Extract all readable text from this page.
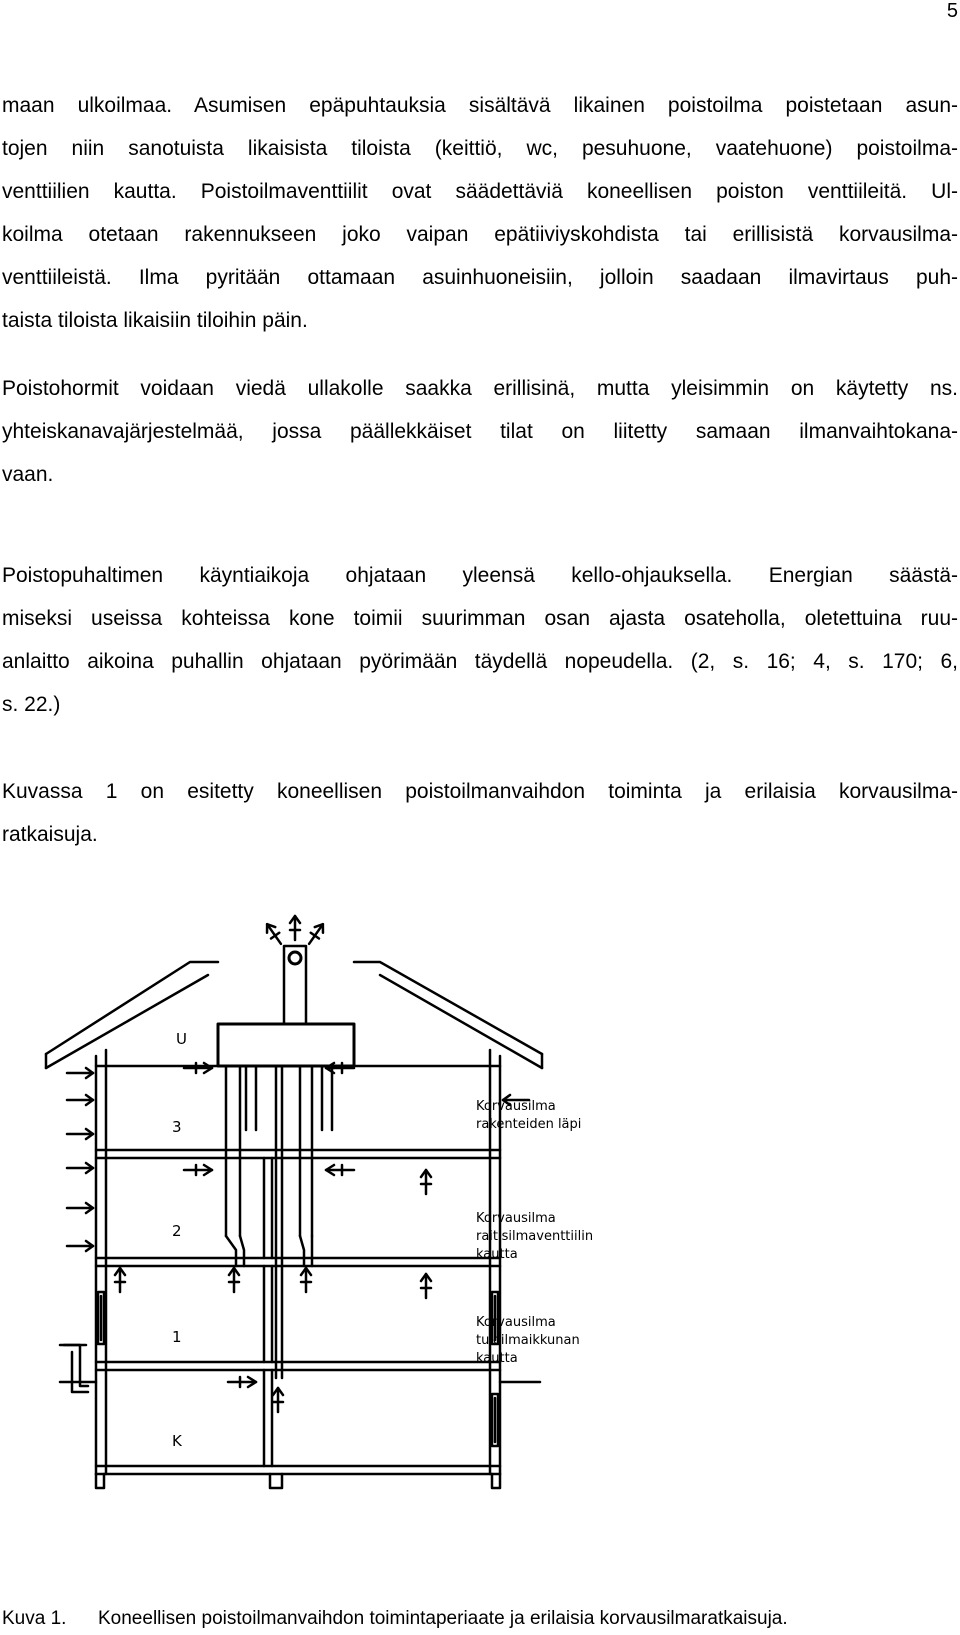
5
maan ulkoilmaa. Asumisen epäpuhtauksia sisältävä likainen poistoilma poistetaan asun-
tojen niin sanotuista likaisista tiloista (keittiö, wc, pesuhuone, vaatehuone) poistoilma-
venttiilien kautta. Poistoilmaventtiilit ovat säädettäviä koneellisen poiston venttiileitä. Ul-
koilma otetaan rakennukseen joko vaipan epätiiviyskohdista tai erillisistä korvausilma-
venttiileistä. Ilma pyritään ottamaan asuinhuoneisiin, jolloin saadaan ilmavirtaus puh-
taista tiloista likaisiin tiloihin päin.
Poistohormit voidaan viedä ullakolle saakka erillisinä, mutta yleisimmin on käytetty ns.
yhteiskanavajärjestelmää, jossa päällekkäiset tilat on liitetty samaan ilmanvaihtokana-
vaan.
Poistopuhaltimen käyntiaikoja ohjataan yleensä kello-ohjauksella. Energian säästä-
miseksi useissa kohteissa kone toimii suurimman osan ajasta osateholla, oletettuina ruu-
anlaitto aikoina puhallin ohjataan pyörimään täydellä nopeudella. (2, s. 16; 4, s. 170; 6,
s. 22.)
Kuvassa 1 on esitetty koneellisen poistoilmanvaihdon toiminta ja erilaisia korvausilma-
ratkaisuja.
U
3
2
1
K
Korvausilma
rakenteiden läpi
Korvausilma
raitisilmaventtiilin
kautta
Korvausilma
tuloilmaikkunan
kautta
Kuva 1. Koneellisen poistoilmanvaihdon toimintaperiaate ja erilaisia korvausilmaratkaisuja.
